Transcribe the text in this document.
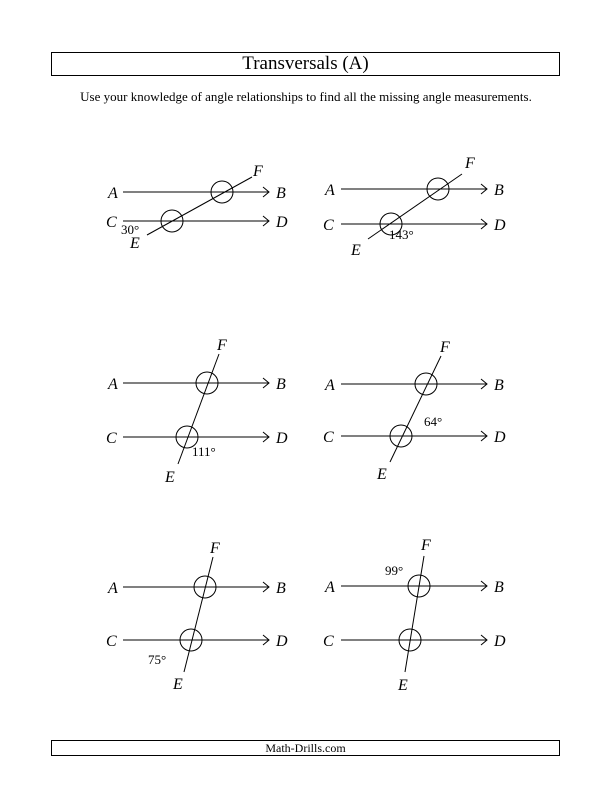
Transversals (A)
Use your knowledge of angle relationships to find all the missing angle measurements.
A	B
C	D
E
F
30°
A	B
C	D
E
F
143°
A	B
C	D
E
F
111°
A	B
C	D
E
F
64°
A	B
C	D
E
F
75°
A	B
C	D
E
F
99°
Math-Drills.com
